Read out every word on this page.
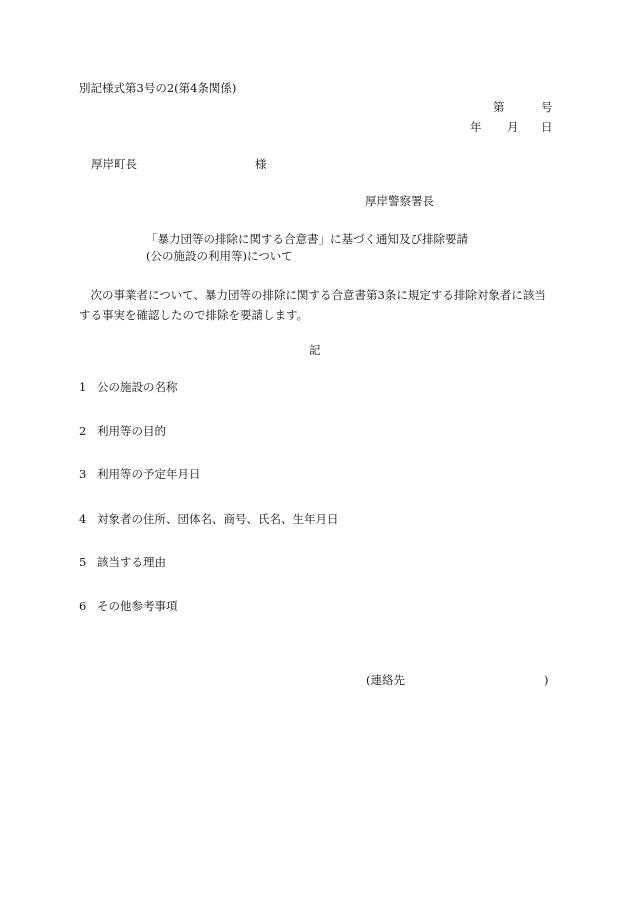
別記様式第3号の2(第4条関係)
第	号
年 月 日
厚岸町長	様
厚岸警察署長
「暴力団等の排除に関する合意書」に基づく通知及び排除要請
(公の施設の利用等)について
　次の事業者について、暴力団等の排除に関する合意書第3条に規定する排除対象者に該当する事実を確認したので排除を要請します。
記
1 公の施設の名称
2 利用等の目的
3 利用等の予定年月日
4 対象者の住所、団体名、商号、氏名、生年月日
5 該当する理由
6 その他参考事項
(連絡先	)
